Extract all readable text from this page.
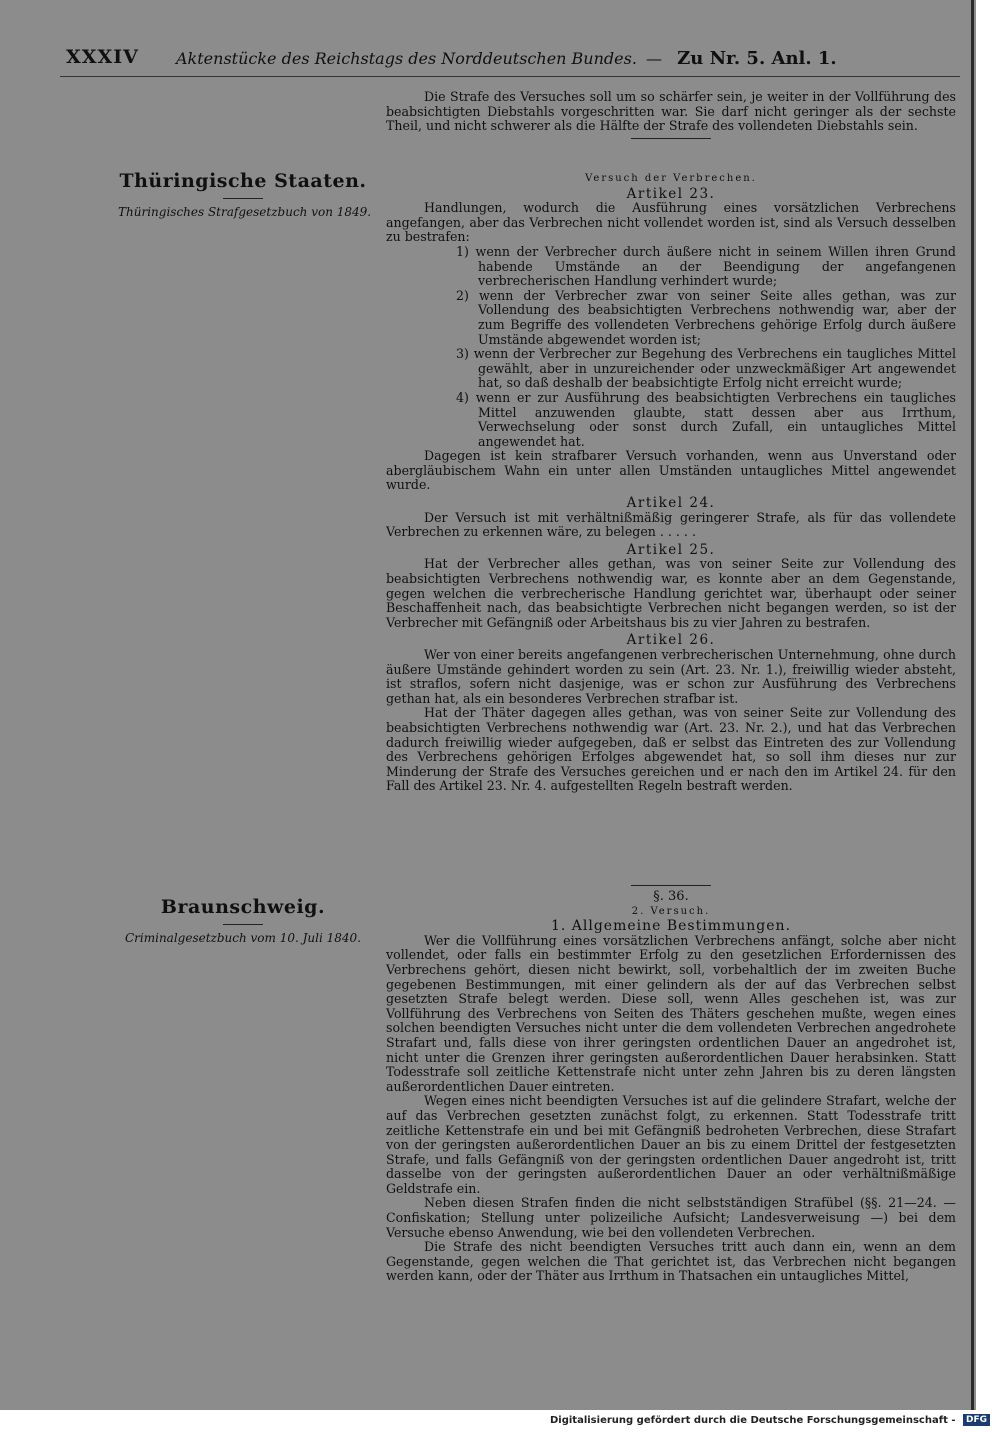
XXXIV Aktenstücke des Reichstags des Norddeutschen Bundes. — Zu Nr. 5. Anl. 1.
Thüringische Staaten.
Thüringisches Strafgesetzbuch von 1849.
Braunschweig.
Criminalgesetzbuch vom 10. Juli 1840.

Die Strafe des Versuches soll um so schärfer sein, je weiter in der Vollführung des beabsichtigten Diebstahls vorgeschritten war. Sie darf nicht geringer als der sechste Theil, und nicht schwerer als die Hälfte der Strafe des vollendeten Diebstahls sein.

Versuch der Verbrechen.
Artikel 23.

Handlungen, wodurch die Ausführung eines vorsätzlichen Verbrechens angefangen, aber das Verbrechen nicht vollendet worden ist, sind als Versuch desselben zu bestrafen:

1) wenn der Verbrecher durch äußere nicht in seinem Willen ihren Grund habende Umstände an der Beendigung der angefangenen verbrecherischen Handlung verhindert wurde;
2) wenn der Verbrecher zwar von seiner Seite alles gethan, was zur Vollendung des beabsichtigten Verbrechens nothwendig war, aber der zum Begriffe des vollendeten Verbrechens gehörige Erfolg durch äußere Umstände abgewendet worden ist;
3) wenn der Verbrecher zur Begehung des Verbrechens ein taugliches Mittel gewählt, aber in unzureichender oder unzweckmäßiger Art angewendet hat, so daß deshalb der beabsichtigte Erfolg nicht erreicht wurde;
4) wenn er zur Ausführung des beabsichtigten Verbrechens ein taugliches Mittel anzuwenden glaubte, statt dessen aber aus Irrthum, Verwechselung oder sonst durch Zufall, ein untaugliches Mittel angewendet hat.

Dagegen ist kein strafbarer Versuch vorhanden, wenn aus Unverstand oder abergläubischem Wahn ein unter allen Umständen untaugliches Mittel angewendet wurde.

Artikel 24.

Der Versuch ist mit verhältnißmäßig geringerer Strafe, als für das vollendete Verbrechen zu erkennen wäre, zu belegen . . . . .

Artikel 25.

Hat der Verbrecher alles gethan, was von seiner Seite zur Vollendung des beabsichtigten Verbrechens nothwendig war, es konnte aber an dem Gegenstande, gegen welchen die verbrecherische Handlung gerichtet war, überhaupt oder seiner Beschaffenheit nach, das beabsichtigte Verbrechen nicht begangen werden, so ist der Verbrecher mit Gefängniß oder Arbeitshaus bis zu vier Jahren zu bestrafen.

Artikel 26.

Wer von einer bereits angefangenen verbrecherischen Unternehmung, ohne durch äußere Umstände gehindert worden zu sein (Art. 23. Nr. 1.), freiwillig wieder absteht, ist straflos, sofern nicht dasjenige, was er schon zur Ausführung des Verbrechens gethan hat, als ein besonderes Verbrechen strafbar ist.

Hat der Thäter dagegen alles gethan, was von seiner Seite zur Vollendung des beabsichtigten Verbrechens nothwendig war (Art. 23. Nr. 2.), und hat das Verbrechen dadurch freiwillig wieder aufgegeben, daß er selbst das Eintreten des zur Vollendung des Verbrechens gehörigen Erfolges abgewendet hat, so soll ihm dieses nur zur Minderung der Strafe des Versuches gereichen und er nach den im Artikel 24. für den Fall des Artikel 23. Nr. 4. aufgestellten Regeln bestraft werden.

§. 36.
2. Versuch.
1. Allgemeine Bestimmungen.

Wer die Vollführung eines vorsätzlichen Verbrechens anfängt, solche aber nicht vollendet, oder falls ein bestimmter Erfolg zu den gesetzlichen Erfordernissen des Verbrechens gehört, diesen nicht bewirkt, soll, vorbehaltlich der im zweiten Buche gegebenen Bestimmungen, mit einer gelindern als der auf das Verbrechen selbst gesetzten Strafe belegt werden. Diese soll, wenn Alles geschehen ist, was zur Vollführung des Verbrechens von Seiten des Thäters geschehen mußte, wegen eines solchen beendigten Versuches nicht unter die dem vollendeten Verbrechen angedrohete Strafart und, falls diese von ihrer geringsten ordentlichen Dauer an angedrohet ist, nicht unter die Grenzen ihrer geringsten außerordentlichen Dauer herabsinken. Statt Todesstrafe soll zeitliche Kettenstrafe nicht unter zehn Jahren bis zu deren längsten außerordentlichen Dauer eintreten.

Wegen eines nicht beendigten Versuches ist auf die gelindere Strafart, welche der auf das Verbrechen gesetzten zunächst folgt, zu erkennen. Statt Todesstrafe tritt zeitliche Kettenstrafe ein und bei mit Gefängniß bedroheten Verbrechen, diese Strafart von der geringsten außerordentlichen Dauer an bis zu einem Drittel der festgesetzten Strafe, und falls Gefängniß von der geringsten ordentlichen Dauer angedroht ist, tritt dasselbe von der geringsten außerordentlichen Dauer an oder verhältnißmäßige Geldstrafe ein.

Neben diesen Strafen finden die nicht selbstständigen Strafübel (§§. 21—24. — Confiskation; Stellung unter polizeiliche Aufsicht; Landesverweisung —) bei dem Versuche ebenso Anwendung, wie bei den vollendeten Verbrechen.

Die Strafe des nicht beendigten Versuches tritt auch dann ein, wenn an dem Gegenstande, gegen welchen die That gerichtet ist, das Verbrechen nicht begangen werden kann, oder der Thäter aus Irrthum in Thatsachen ein untaugliches Mittel,

Digitalisierung gefördert durch die Deutsche Forschungsgemeinschaft - DFG
